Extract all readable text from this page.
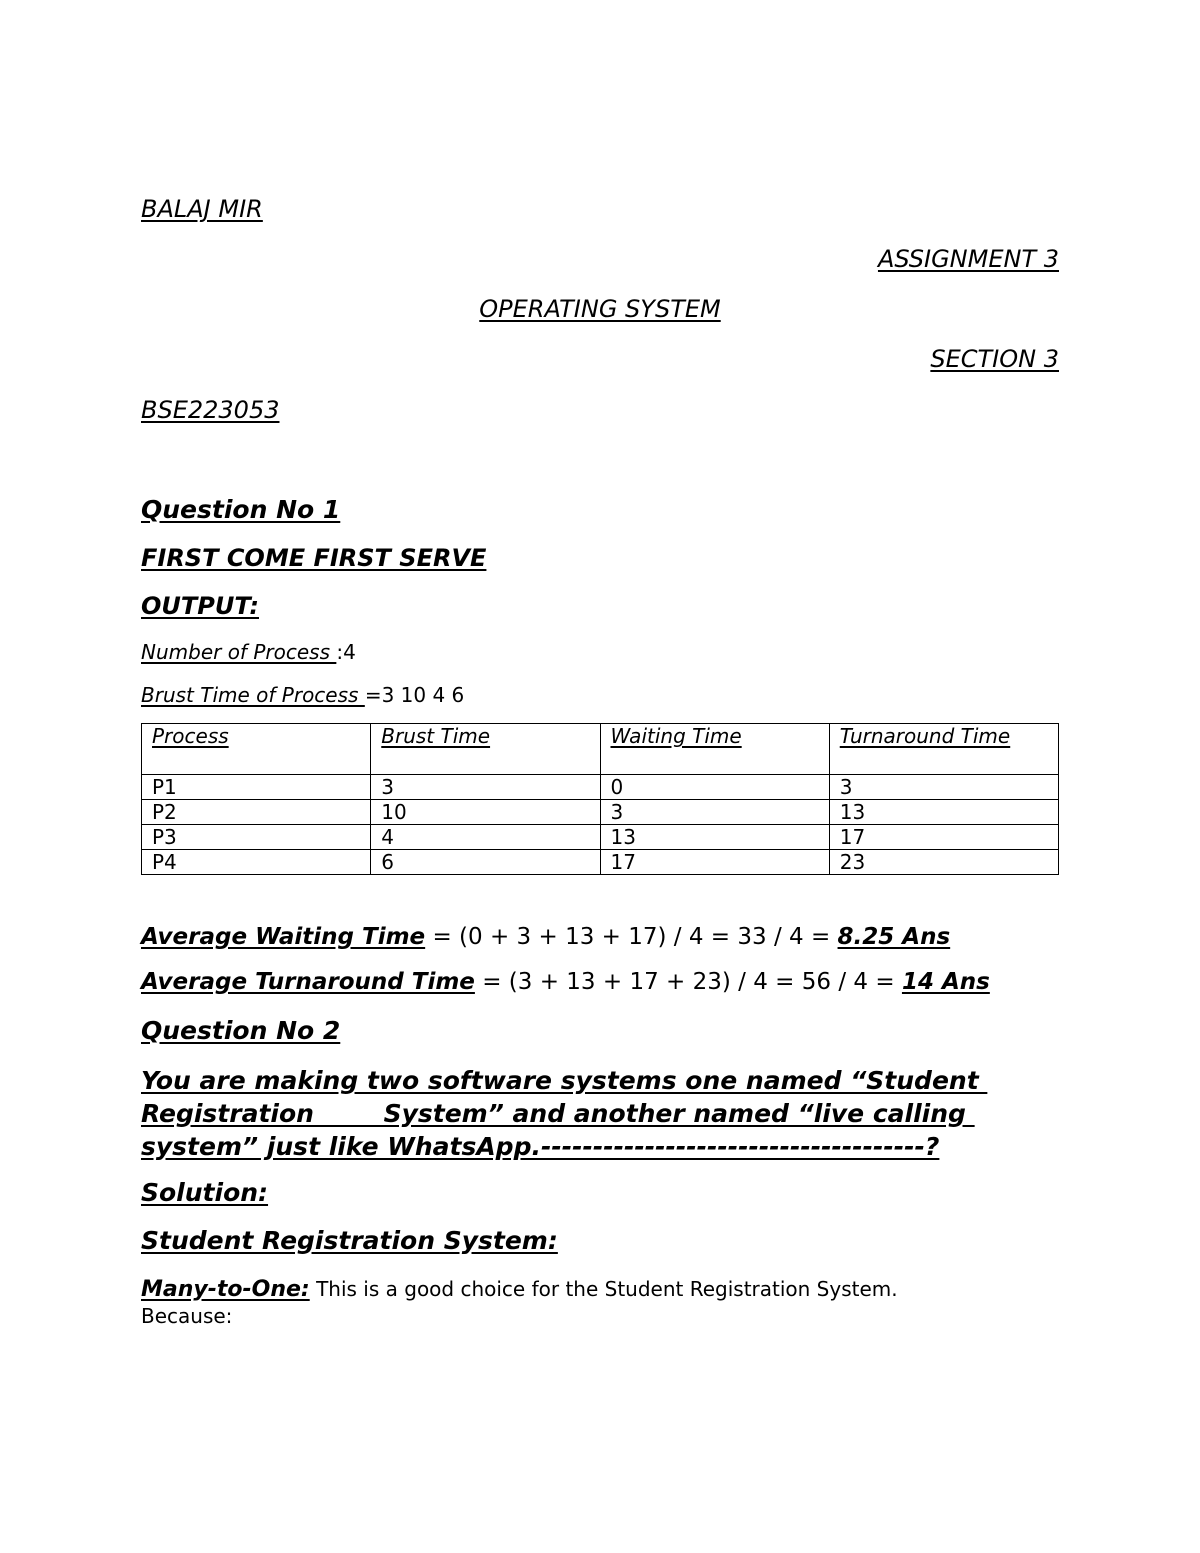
BALAJ MIR
ASSIGNMENT 3
OPERATING SYSTEM
SECTION 3
BSE223053
Question No 1
FIRST COME FIRST SERVE
OUTPUT:
Number of Process :4
Brust Time of Process =3 10 4 6
Process	Brust Time	Waiting Time	Turnaround Time
P1	3	0	3
P2	10	3	13
P3	4	13	17
P4	6	17	23
Average Waiting Time = (0 + 3 + 13 + 17) / 4 = 33 / 4 = 8.25 Ans
Average Turnaround Time = (3 + 13 + 17 + 23) / 4 = 56 / 4 = 14 Ans
Question No 2
You are making two software systems one named “Student
Registration        System” and another named “live calling
system” just like WhatsApp.-------------------------------------?
Solution:
Student Registration System:
Many-to-One: This is a good choice for the Student Registration System.
Because:
